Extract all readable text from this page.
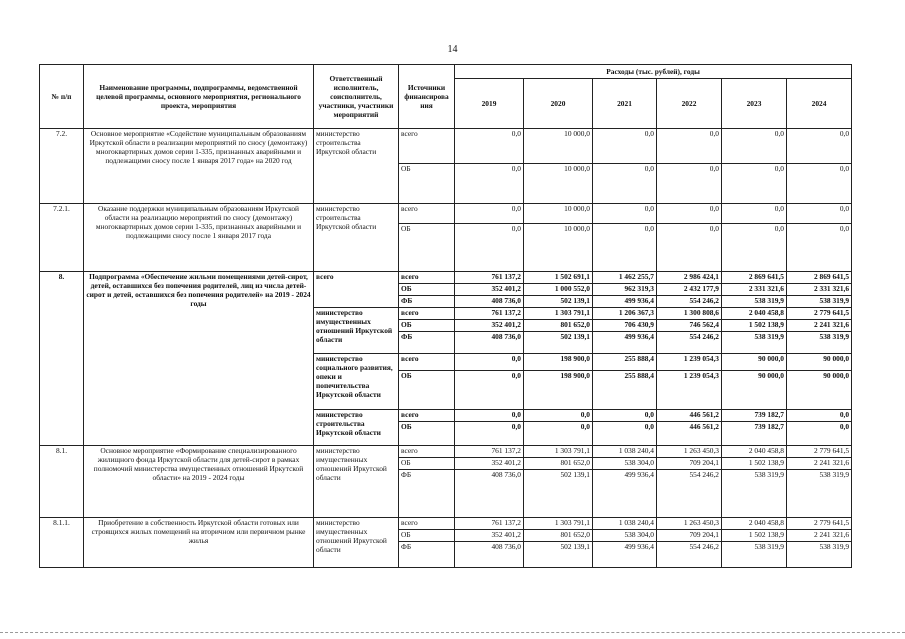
14
№ п/п	Наименование программы, подпрограммы, ведомственной целевой программы, основного мероприятия, регионального проекта, мероприятия	Ответственный исполнитель, соисполнитель, участники, участники мероприятий	Источники финансирова ния	Расходы (тыс. рублей), годы					
				2019	2020	2021	2022	2023	2024
7.2.	Основное мероприятие «Содействие муниципальным образованиям Иркутской области в реализации мероприятий по сносу (демонтажу) многоквартирных домов серии 1-335, признанных аварийными и подлежащими сносу после 1 января 2017 года» на 2020 год	министерство строительства Иркутской области	всего	0,0	10 000,0	0,0	0,0	0,0	0,0
			ОБ	0,0	10 000,0	0,0	0,0	0,0	0,0
7.2.1.	Оказание поддержки муниципальным образованиям Иркутской области на реализацию мероприятий по сносу (демонтажу) многоквартирных домов серии 1-335, признанных аварийными и подлежащими сносу после 1 января 2017 года	министерство строительства Иркутской области	всего	0,0	10 000,0	0,0	0,0	0,0	0,0
			ОБ	0,0	10 000,0	0,0	0,0	0,0	0,0
8.	Подпрограмма «Обеспечение жильми помещениями детей-сирот, детей, оставшихся без попечения родителей, лиц из числа детей-сирот и детей, оставшихся без попечения родителей» на 2019 - 2024 годы	всего	всего	761 137,2	1 502 691,1	1 462 255,7	2 986 424,1	2 869 641,5	2 869 641,5
			ОБ	352 401,2	1 000 552,0	962 319,3	2 432 177,9	2 331 321,6	2 331 321,6
			ФБ	408 736,0	502 139,1	499 936,4	554 246,2	538 319,9	538 319,9
		министерство имущественных отношений Иркутской области	всего	761 137,2	1 303 791,1	1 206 367,3	1 300 808,6	2 040 458,8	2 779 641,5
			ОБ	352 401,2	801 652,0	706 430,9	746 562,4	1 502 138,9	2 241 321,6
			ФБ	408 736,0	502 139,1	499 936,4	554 246,2	538 319,9	538 319,9
		министерство социального развития, опеки и попечительства Иркутской области	всего	0,0	198 900,0	255 888,4	1 239 054,3	90 000,0	90 000,0
			ОБ	0,0	198 900,0	255 888,4	1 239 054,3	90 000,0	90 000,0
		министерство строительства Иркутской области	всего	0,0	0,0	0,0	446 561,2	739 182,7	0,0
			ОБ	0,0	0,0	0,0	446 561,2	739 182,7	0,0
8.1.	Основное мероприятие «Формирование специализированного жилищного фонда Иркутской области для детей-сирот в рамках полномочий министерства имущественных отношений Иркутской области» на 2019 - 2024 годы	министерство имущественных отношений Иркутской области	всего	761 137,2	1 303 791,1	1 038 240,4	1 263 450,3	2 040 458,8	2 779 641,5
			ОБ	352 401,2	801 652,0	538 304,0	709 204,1	1 502 138,9	2 241 321,6
			ФБ	408 736,0	502 139,1	499 936,4	554 246,2	538 319,9	538 319,9
8.1.1.	Приобретение в собственность Иркутской области готовых или строящихся жилых помещений на вторичном или первичном рынке жилья	министерство имущественных отношений Иркутской области	всего	761 137,2	1 303 791,1	1 038 240,4	1 263 450,3	2 040 458,8	2 779 641,5
			ОБ	352 401,2	801 652,0	538 304,0	709 204,1	1 502 138,9	2 241 321,6
			ФБ	408 736,0	502 139,1	499 936,4	554 246,2	538 319,9	538 319,9
